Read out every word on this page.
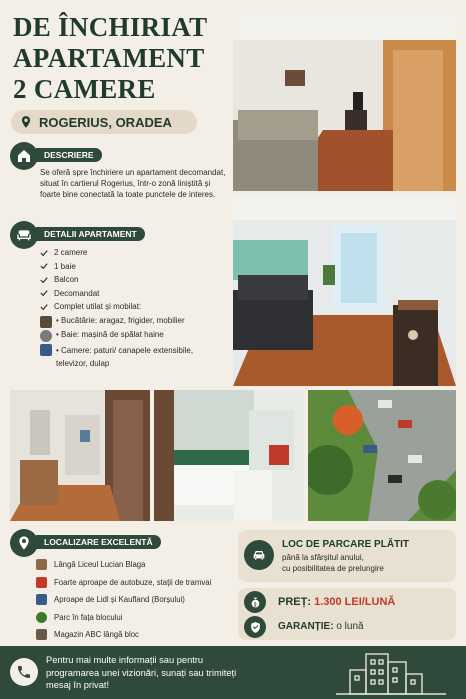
DE ÎNCHIRIAT
APARTAMENT
2 CAMERE
ROGERIUS, ORADEA
DESCRIERE
Se oferă spre închiriere un apartament decomandat, situat în cartierul Rogerius, într-o zonă liniștită și foarte bine conectată la toate punctele de interes.
DETALII APARTAMENT
2 camere
1 baie
Balcon
Decomandat
Complet utilat și mobilat:
• Bucătărie: aragaz, frigider, mobilier
• Baie: mașină de spălat haine
• Camere: paturi/ canapele extensibile, televizor, dulap
LOCALIZARE EXCELENTĂ
Lângă Liceul Lucian Blaga
Foarte aproape de autobuze, stații de tramvai
Aproape de Lidl și Kaufland (Borșului)
Parc în fața blocului
Magazin ABC lângă bloc
LOC DE PARCARE PLĂTIT
până la sfârșitul anului,
cu posibilitatea de prelungire
PREȚ: 1.300 LEI/LUNĂ
GARANȚIE: o lună
Pentru mai multe informații sau pentru programarea unei vizionări, sunați sau trimiteți mesaj în privat!
